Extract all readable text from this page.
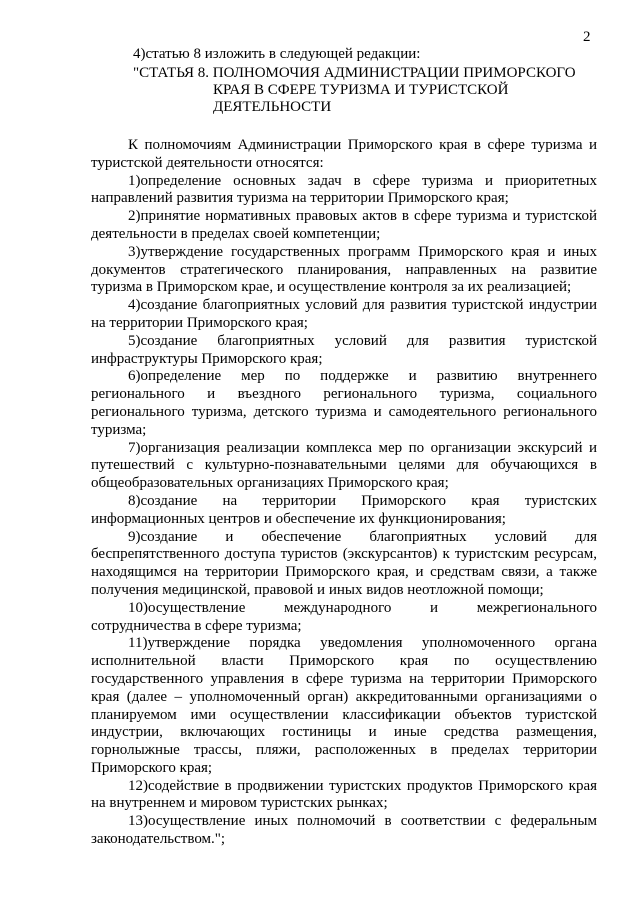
2
4)статью 8 изложить в следующей редакции:
"СТАТЬЯ 8. ПОЛНОМОЧИЯ АДМИНИСТРАЦИИ ПРИМОРСКОГО
КРАЯ В СФЕРЕ ТУРИЗМА И ТУРИСТСКОЙ
ДЕЯТЕЛЬНОСТИ

К полномочиям Администрации Приморского края в сфере туризма и
туристской деятельности относятся:

1)определение основных задач в сфере туризма и приоритетных
направлений развития туризма на территории Приморского края;

2)принятие нормативных правовых актов в сфере туризма и туристской
деятельности в пределах своей компетенции;

3)утверждение государственных программ Приморского края и иных
документов стратегического планирования, направленных на развитие
туризма в Приморском крае, и осуществление контроля за их реализацией;

4)создание благоприятных условий для развития туристской индустрии
на территории Приморского края;

5)создание благоприятных условий для развития туристской
инфраструктуры Приморского края;

6)определение мер по поддержке и развитию внутреннего
регионального и въездного регионального туризма, социального
регионального туризма, детского туризма и самодеятельного регионального
туризма;

7)организация реализации комплекса мер по организации экскурсий и
путешествий с культурно-познавательными целями для обучающихся в
общеобразовательных организациях Приморского края;

8)создание на территории Приморского края туристских
информационных центров и обеспечение их функционирования;

9)создание и обеспечение благоприятных условий для
беспрепятственного доступа туристов (экскурсантов) к туристским ресурсам,
находящимся на территории Приморского края, и средствам связи, а также
получения медицинской, правовой и иных видов неотложной помощи;

10)осуществление международного и межрегионального
сотрудничества в сфере туризма;

11)утверждение порядка уведомления уполномоченного органа
исполнительной власти Приморского края по осуществлению
государственного управления в сфере туризма на территории Приморского
края (далее – уполномоченный орган) аккредитованными организациями о
планируемом ими осуществлении классификации объектов туристской
индустрии, включающих гостиницы и иные средства размещения,
горнолыжные трассы, пляжи, расположенных в пределах территории
Приморского края;

12)содействие в продвижении туристских продуктов Приморского края
на внутреннем и мировом туристских рынках;

13)осуществление иных полномочий в соответствии с федеральным
законодательством.";
